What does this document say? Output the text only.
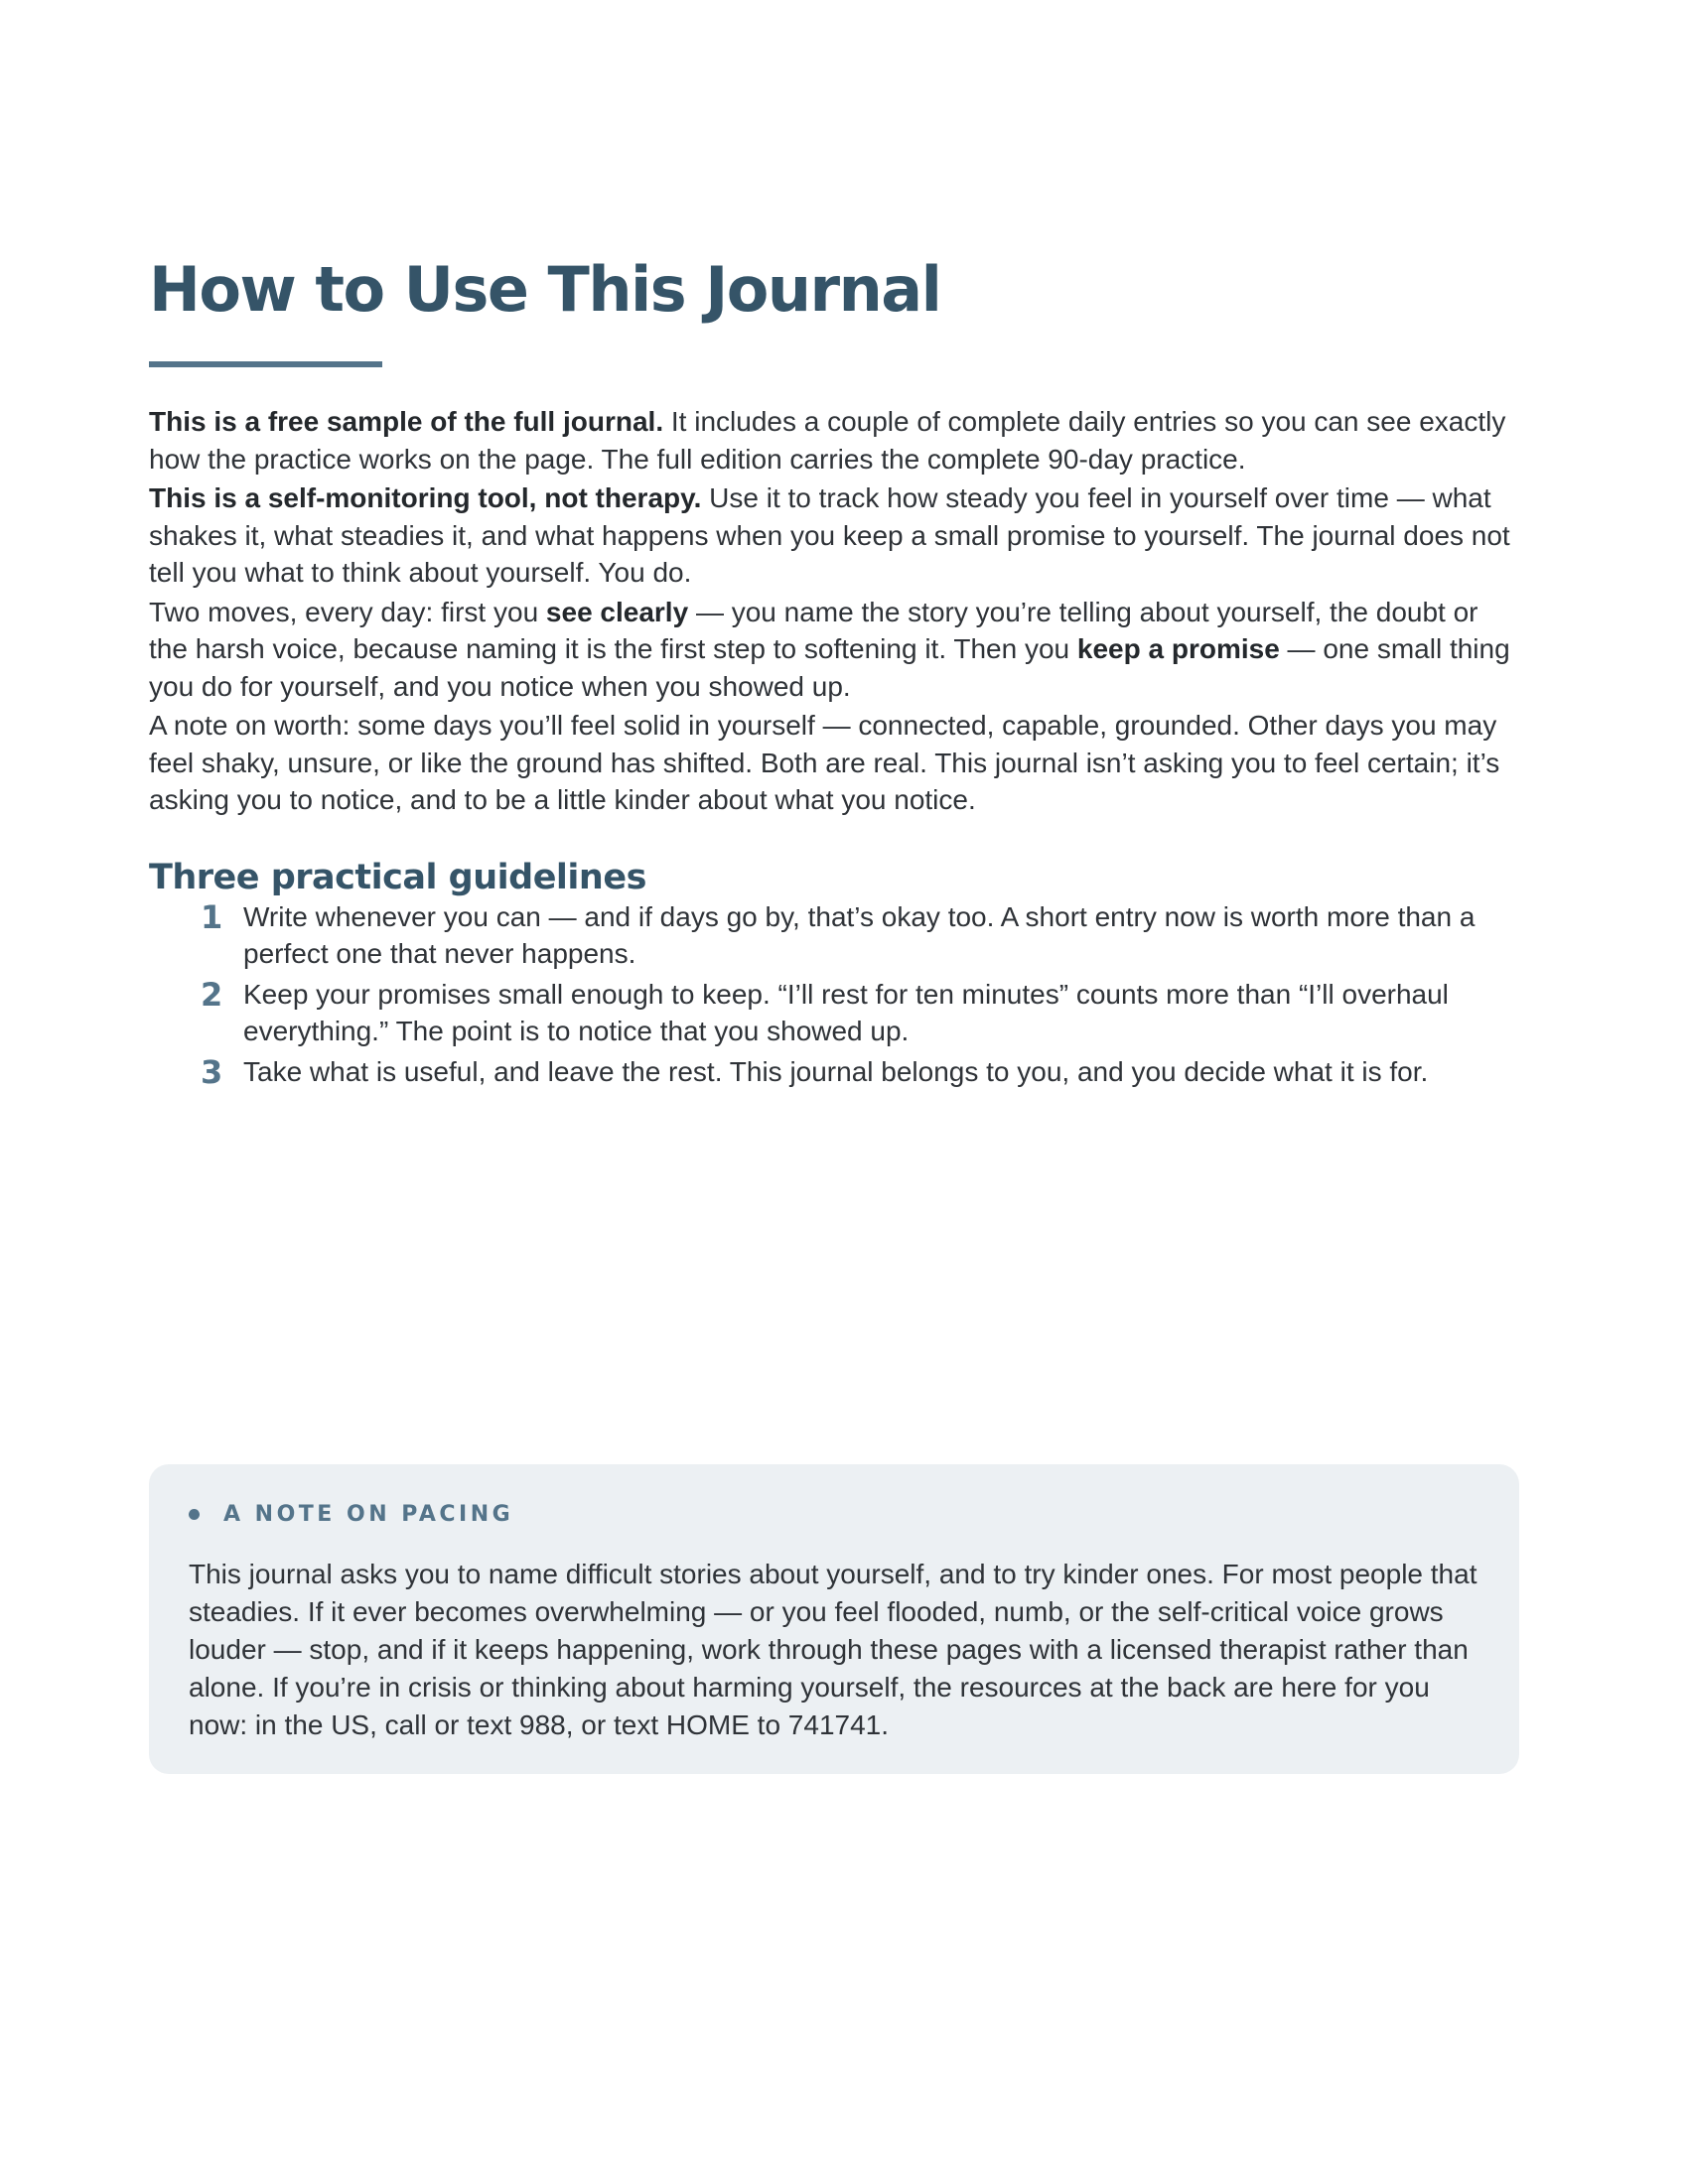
How to Use This Journal

This is a free sample of the full journal. It includes a couple of complete daily entries so you can see exactly how the practice works on the page. The full edition carries the complete 90-day practice.

This is a self-monitoring tool, not therapy. Use it to track how steady you feel in yourself over time — what shakes it, what steadies it, and what happens when you keep a small promise to yourself. The journal does not tell you what to think about yourself. You do.

Two moves, every day: first you see clearly — you name the story you’re telling about yourself, the doubt or the harsh voice, because naming it is the first step to softening it. Then you keep a promise — one small thing you do for yourself, and you notice when you showed up.

A note on worth: some days you’ll feel solid in yourself — connected, capable, grounded. Other days you may feel shaky, unsure, or like the ground has shifted. Both are real. This journal isn’t asking you to feel certain; it’s asking you to notice, and to be a little kinder about what you notice.

Three practical guidelines
1 Write whenever you can — and if days go by, that’s okay too. A short entry now is worth more than a perfect one that never happens.
2 Keep your promises small enough to keep. “I’ll rest for ten minutes” counts more than “I’ll overhaul everything.” The point is to notice that you showed up.
3 Take what is useful, and leave the rest. This journal belongs to you, and you decide what it is for.
A NOTE ON PACING

This journal asks you to name difficult stories about yourself, and to try kinder ones. For most people that steadies. If it ever becomes overwhelming — or you feel flooded, numb, or the self-critical voice grows louder — stop, and if it keeps happening, work through these pages with a licensed therapist rather than alone. If you’re in crisis or thinking about harming yourself, the resources at the back are here for you now: in the US, call or text 988, or text HOME to 741741.
